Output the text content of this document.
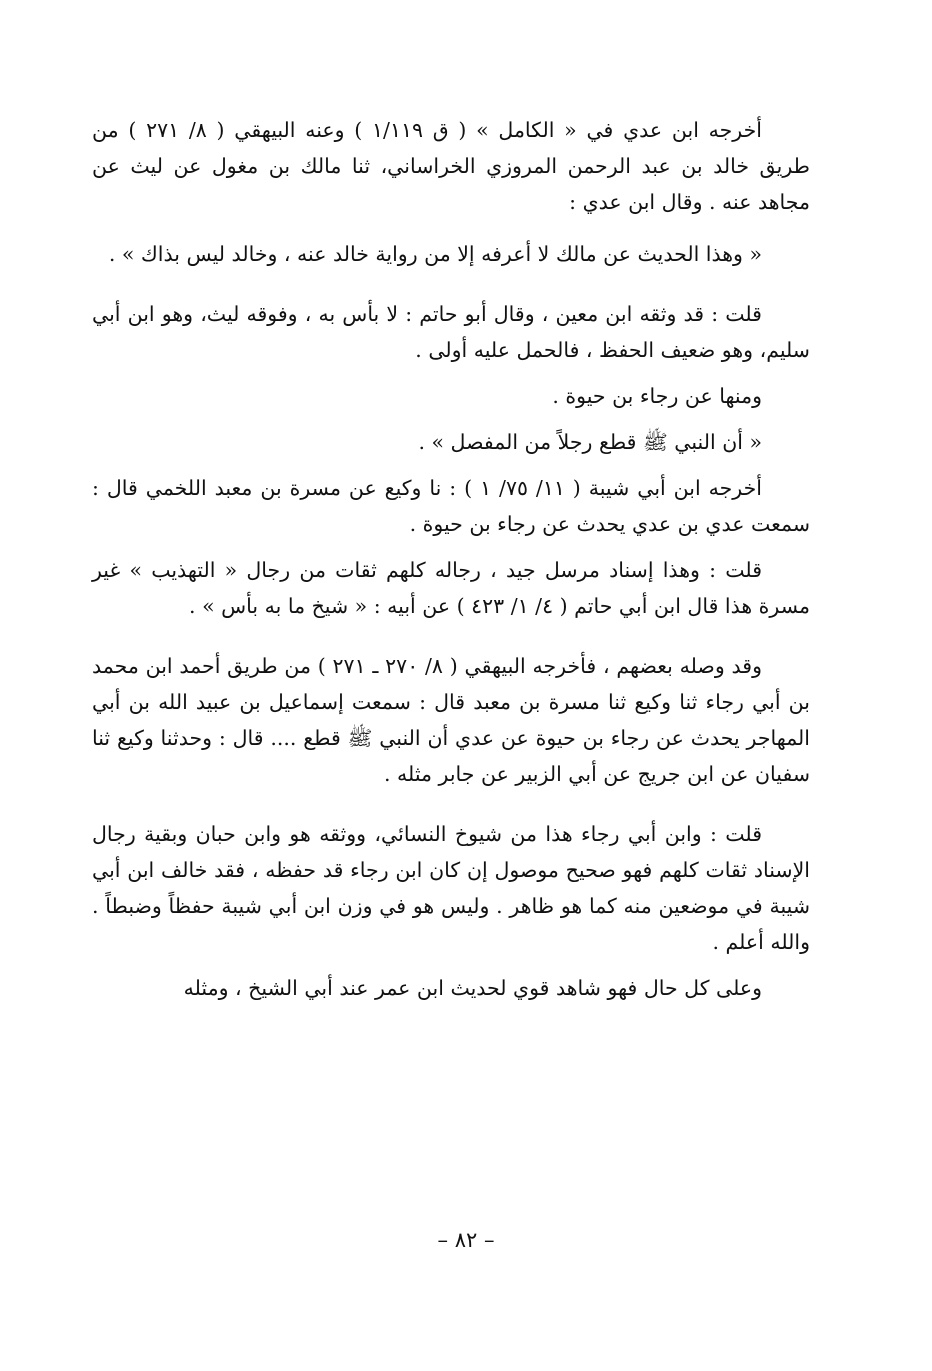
أخرجه ابن عدي في « الكامل » ( ق ١/١١٩ ) وعنه البيهقي ( ٨/ ٢٧١ ) من طريق خالد بن عبد الرحمن المروزي الخراساني، ثنا مالك بن مغول عن ليث عن مجاهد عنه . وقال ابن عدي :

« وهذا الحديث عن مالك لا أعرفه إلا من رواية خالد عنه ، وخالد ليس بذاك » .

قلت : قد وثقه ابن معين ، وقال أبو حاتم : لا بأس به ، وفوقه ليث، وهو ابن أبي سليم، وهو ضعيف الحفظ ، فالحمل عليه أولى .

ومنها عن رجاء بن حيوة .

« أن النبي ﷺ قطع رجلاً من المفصل » .

أخرجه ابن أبي شيبة ( ١١/ ٧٥/ ١ ) : نا وكيع عن مسرة بن معبد اللخمي قال : سمعت عدي بن عدي يحدث عن رجاء بن حيوة .

قلت : وهذا إسناد مرسل جيد ، رجاله كلهم ثقات من رجال « التهذيب » غير مسرة هذا قال ابن أبي حاتم ( ٤/ ١/ ٤٢٣ ) عن أبيه : « شيخ ما به بأس » .

وقد وصله بعضهم ، فأخرجه البيهقي ( ٨/ ٢٧٠ ـ ٢٧١ ) من طريق أحمد ابن محمد بن أبي رجاء ثنا وكيع ثنا مسرة بن معبد قال : سمعت إسماعيل بن عبيد الله بن أبي المهاجر يحدث عن رجاء بن حيوة عن عدي أن النبي ﷺ قطع .... قال : وحدثنا وكيع ثنا سفيان عن ابن جريج عن أبي الزبير عن جابر مثله .

قلت : وابن أبي رجاء هذا من شيوخ النسائي، ووثقه هو وابن حبان وبقية رجال الإسناد ثقات كلهم فهو صحيح موصول إن كان ابن رجاء قد حفظه ، فقد خالف ابن أبي شيبة في موضعين منه كما هو ظاهر . وليس هو في وزن ابن أبي شيبة حفظاً وضبطاً . والله أعلم .

وعلى كل حال فهو شاهد قوي لحديث ابن عمر عند أبي الشيخ ، ومثله

– ٨٢ –
